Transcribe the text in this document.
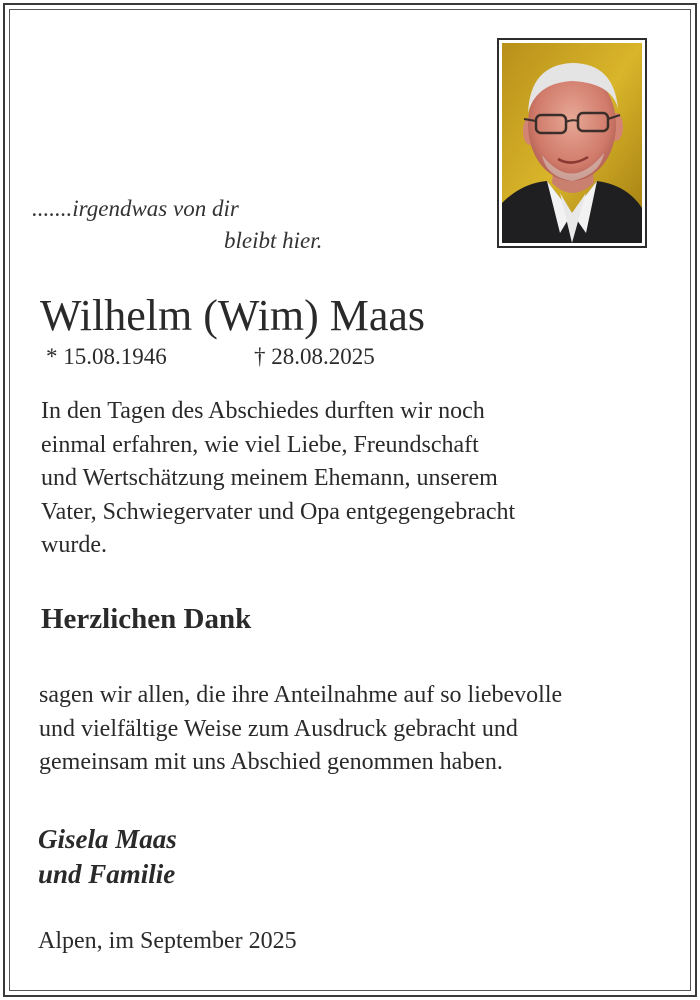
.......irgendwas von dir
bleibt hier.
Wilhelm (Wim) Maas
* 15.08.1946	† 28.08.2025

In den Tagen des Abschiedes durften wir noch
einmal erfahren, wie viel Liebe, Freundschaft
und Wertschätzung meinem Ehemann, unserem
Vater, Schwiegervater und Opa entgegengebracht
wurde.

Herzlichen Dank

sagen wir allen, die ihre Anteilnahme auf so liebevolle
und vielfältige Weise zum Ausdruck gebracht und
gemeinsam mit uns Abschied genommen haben.

Gisela Maas
und Familie
Alpen, im September 2025
